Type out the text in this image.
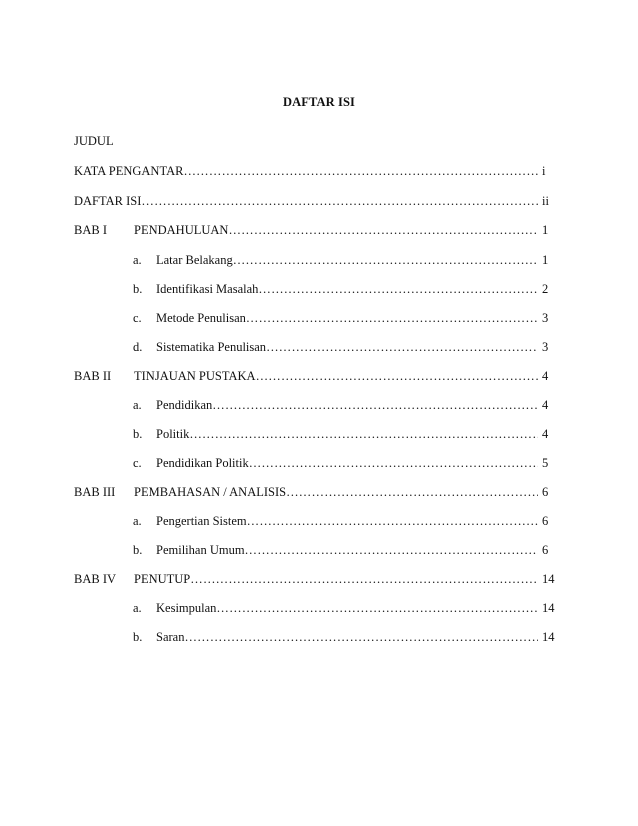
DAFTAR ISI
JUDUL
KATA PENGANTAR ……………………………………………………………………………………………………………………………………………………………………………	i
DAFTAR ISI ……………………………………………………………………………………………………………………………………………………………………………	ii
BAB I PENDAHULUAN ……………………………………………………………………………………………………………………………………………………………………………	1
a. Latar Belakang ……………………………………………………………………………………………………………………………………………………………………………	1
b. Identifikasi Masalah ……………………………………………………………………………………………………………………………………………………………………………	2
c. Metode Penulisan ……………………………………………………………………………………………………………………………………………………………………………	3
d. Sistematika Penulisan ……………………………………………………………………………………………………………………………………………………………………………	3
BAB II TINJAUAN PUSTAKA ……………………………………………………………………………………………………………………………………………………………………………	4
a. Pendidikan ……………………………………………………………………………………………………………………………………………………………………………	4
b. Politik ……………………………………………………………………………………………………………………………………………………………………………	4
c. Pendidikan Politik ……………………………………………………………………………………………………………………………………………………………………………	5
BAB III PEMBAHASAN / ANALISIS ……………………………………………………………………………………………………………………………………………………………………………	6
a. Pengertian Sistem ……………………………………………………………………………………………………………………………………………………………………………	6
b. Pemilihan Umum ……………………………………………………………………………………………………………………………………………………………………………	6
BAB IV PENUTUP ……………………………………………………………………………………………………………………………………………………………………………	14
a. Kesimpulan ……………………………………………………………………………………………………………………………………………………………………………	14
b. Saran ……………………………………………………………………………………………………………………………………………………………………………	14
